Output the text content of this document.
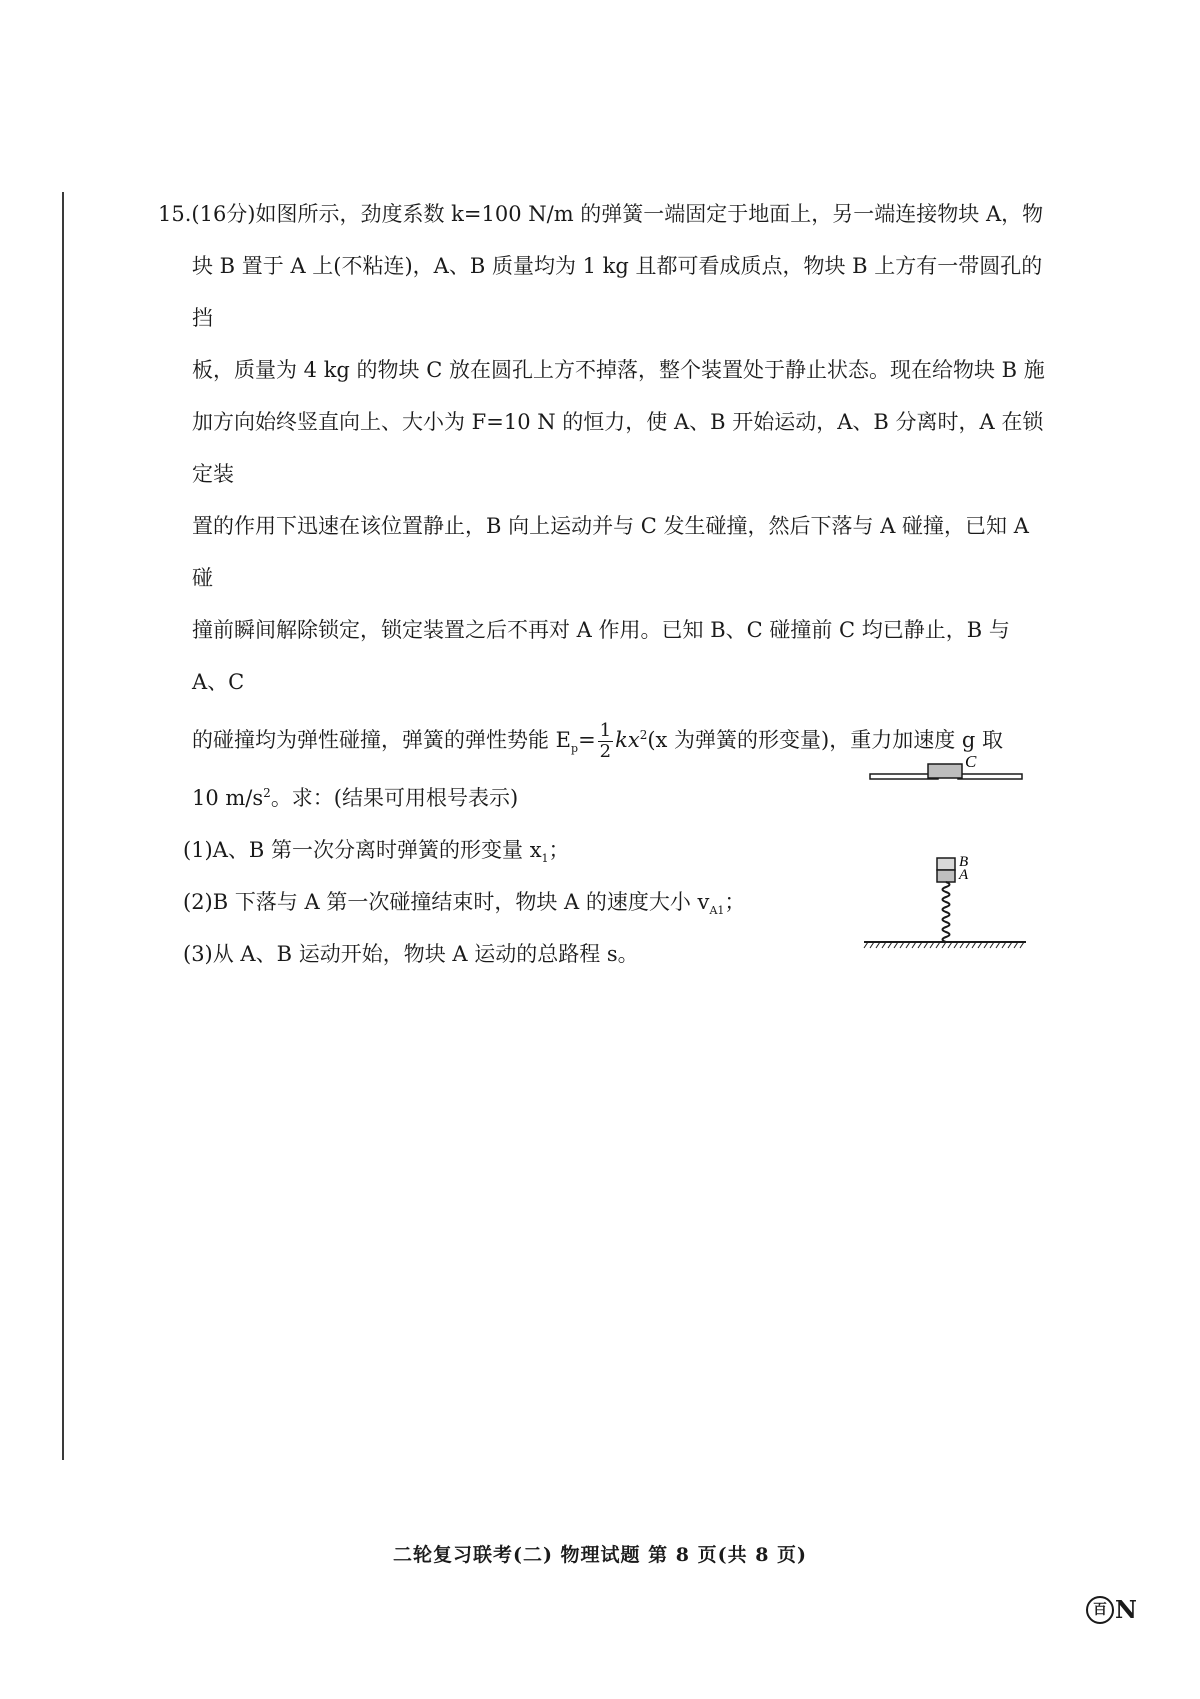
15.(16分)如图所示，劲度系数 k=100 N/m 的弹簧一端固定于地面上，另一端连接物块 A，物

块 B 置于 A 上(不粘连)，A、B 质量均为 1 kg 且都可看成质点，物块 B 上方有一带圆孔的挡

板，质量为 4 kg 的物块 C 放在圆孔上方不掉落，整个装置处于静止状态。现在给物块 B 施

加方向始终竖直向上、大小为 F=10 N 的恒力，使 A、B 开始运动，A、B 分离时，A 在锁定装

置的作用下迅速在该位置静止，B 向上运动并与 C 发生碰撞，然后下落与 A 碰撞，已知 A 碰

撞前瞬间解除锁定，锁定装置之后不再对 A 作用。已知 B、C 碰撞前 C 均已静止，B 与 A、C

的碰撞均为弹性碰撞，弹簧的弹性势能 $E_p= \frac{1}{2} kx^2(x$ 为弹簧的形变量)，重力加速度 g 取

10 $m/s^2$。求：(结果可用根号表示)

(1)A、B 第一次分离时弹簧的形变量 $x_1$；

(2)B 下落与 A 第一次碰撞结束时，物块 A 的速度大小 $v_{A1}$；

(3)从 A、B 运动开始，物块 A 运动的总路程 s。

C
B
A
二轮复习联考(二) 物理试题 第 8 页(共 8 页)
百 N
